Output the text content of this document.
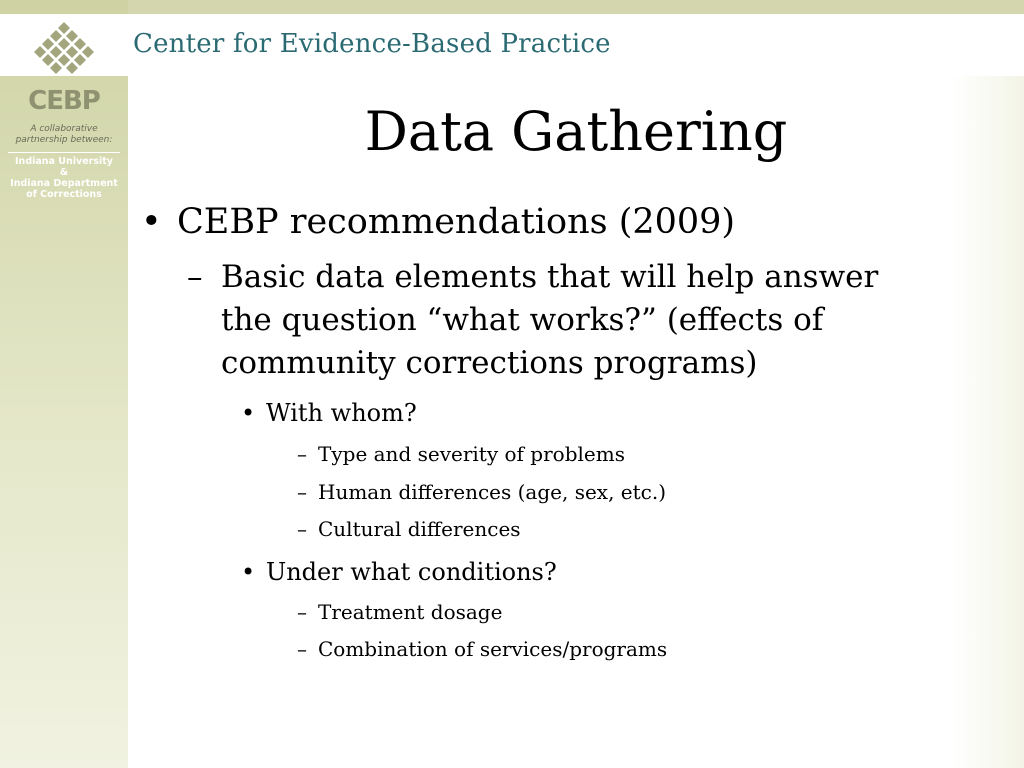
Center for Evidence-Based Practice
CEBP
A collaborative
partnership between:
Indiana University
&
Indiana Department
of Corrections
Data Gathering
• CEBP recommendations (2009)
– Basic data elements that will help answer
the question “what works?” (effects of
community corrections programs)
• With whom?
– Type and severity of problems
– Human differences (age, sex, etc.)
– Cultural differences
• Under what conditions?
– Treatment dosage
– Combination of services/programs
